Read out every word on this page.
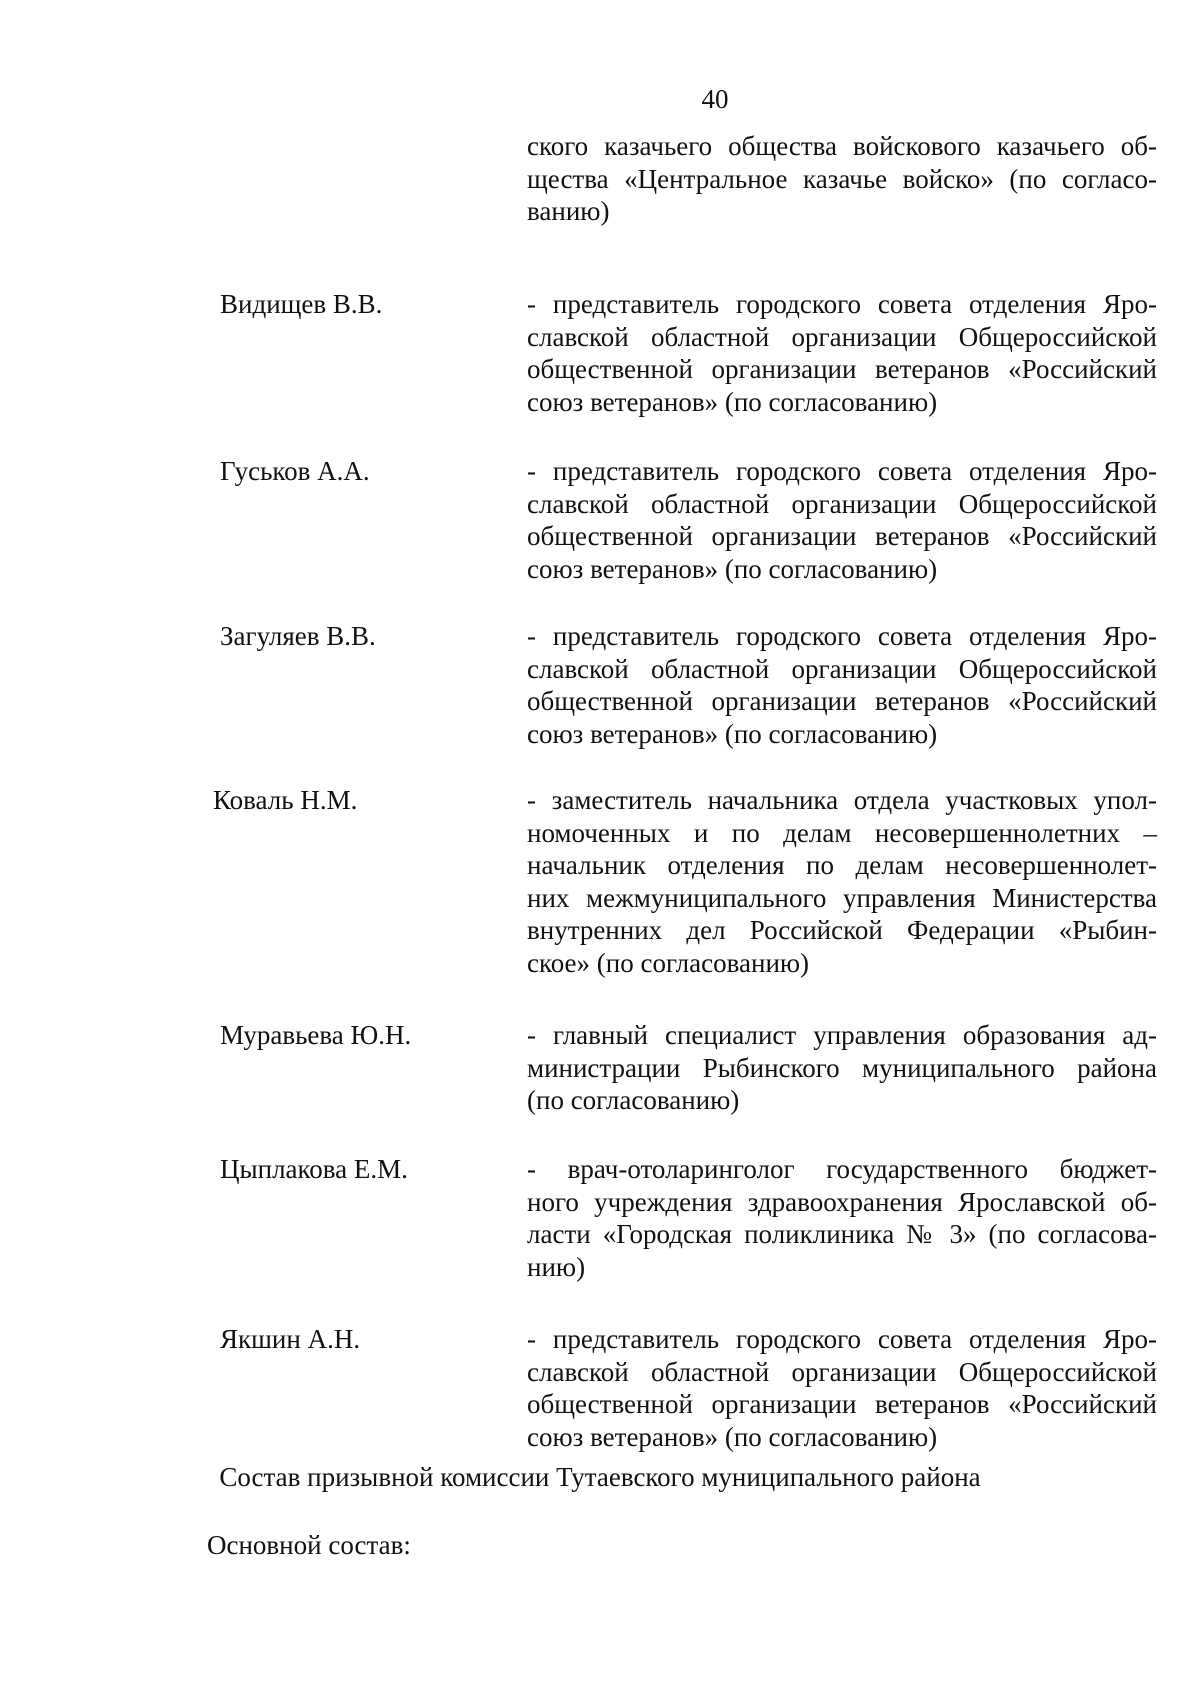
40
ского казачьего общества войскового казачьего об-
щества «Центральное казачье войско» (по согласо-
ванию)
Видищев В.В.	- представитель городского совета отделения Яро-
славской областной организации Общероссийской
общественной организации ветеранов «Российский
союз ветеранов» (по согласованию)
Гуськов А.А.	- представитель городского совета отделения Яро-
славской областной организации Общероссийской
общественной организации ветеранов «Российский
союз ветеранов» (по согласованию)
Загуляев В.В.	- представитель городского совета отделения Яро-
славской областной организации Общероссийской
общественной организации ветеранов «Российский
союз ветеранов» (по согласованию)
Коваль Н.М.	- заместитель начальника отдела участковых упол-
номоченных и по делам несовершеннолетних –
начальник отделения по делам несовершеннолет-
них межмуниципального управления Министерства
внутренних дел Российской Федерации «Рыбин-
ское» (по согласованию)
Муравьева Ю.Н.	- главный специалист управления образования ад-
министрации Рыбинского муниципального района
(по согласованию)
Цыплакова Е.М.	- врач-отоларинголог государственного бюджет-
ного учреждения здравоохранения Ярославской об-
ласти «Городская поликлиника № 3» (по согласова-
нию)
Якшин А.Н.	- представитель городского совета отделения Яро-
славской областной организации Общероссийской
общественной организации ветеранов «Российский
союз ветеранов» (по согласованию)
Состав призывной комиссии Тутаевского муниципального района
Основной состав:
